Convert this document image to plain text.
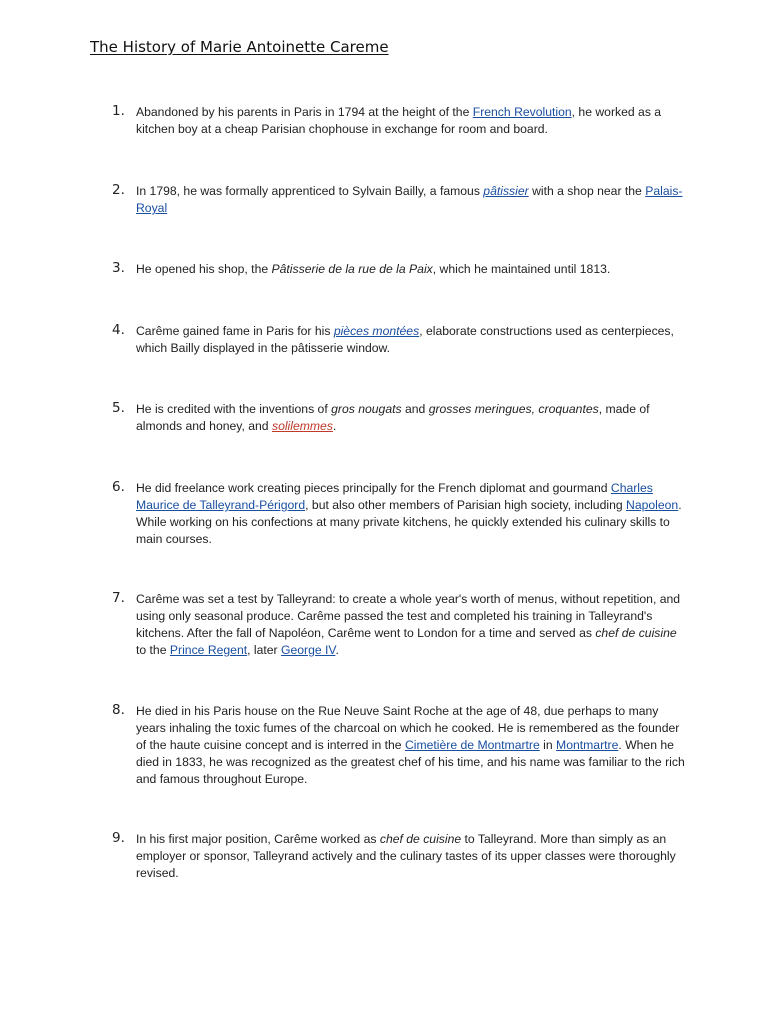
The History of Marie Antoinette Careme
1. Abandoned by his parents in Paris in 1794 at the height of the French Revolution, he worked as a kitchen boy at a cheap Parisian chophouse in exchange for room and board.
2. In 1798, he was formally apprenticed to Sylvain Bailly, a famous pâtissier with a shop near the Palais-Royal
3. He opened his shop, the Pâtisserie de la rue de la Paix, which he maintained until 1813.
4. Carême gained fame in Paris for his pièces montées, elaborate constructions used as centerpieces, which Bailly displayed in the pâtisserie window.
5. He is credited with the inventions of gros nougats and grosses meringues, croquantes, made of almonds and honey, and solilemmes.
6. He did freelance work creating pieces principally for the French diplomat and gourmand Charles Maurice de Talleyrand-Périgord, but also other members of Parisian high society, including Napoleon. While working on his confections at many private kitchens, he quickly extended his culinary skills to main courses.
7. Carême was set a test by Talleyrand: to create a whole year's worth of menus, without repetition, and using only seasonal produce. Carême passed the test and completed his training in Talleyrand's kitchens. After the fall of Napoléon, Carême went to London for a time and served as chef de cuisine to the Prince Regent, later George IV.
8. He died in his Paris house on the Rue Neuve Saint Roche at the age of 48, due perhaps to many years inhaling the toxic fumes of the charcoal on which he cooked. He is remembered as the founder of the haute cuisine concept and is interred in the Cimetière de Montmartre in Montmartre. When he died in 1833, he was recognized as the greatest chef of his time, and his name was familiar to the rich and famous throughout Europe.
9. In his first major position, Carême worked as chef de cuisine to Talleyrand. More than simply as an employer or sponsor, Talleyrand actively and the culinary tastes of its upper classes were thoroughly revised.
